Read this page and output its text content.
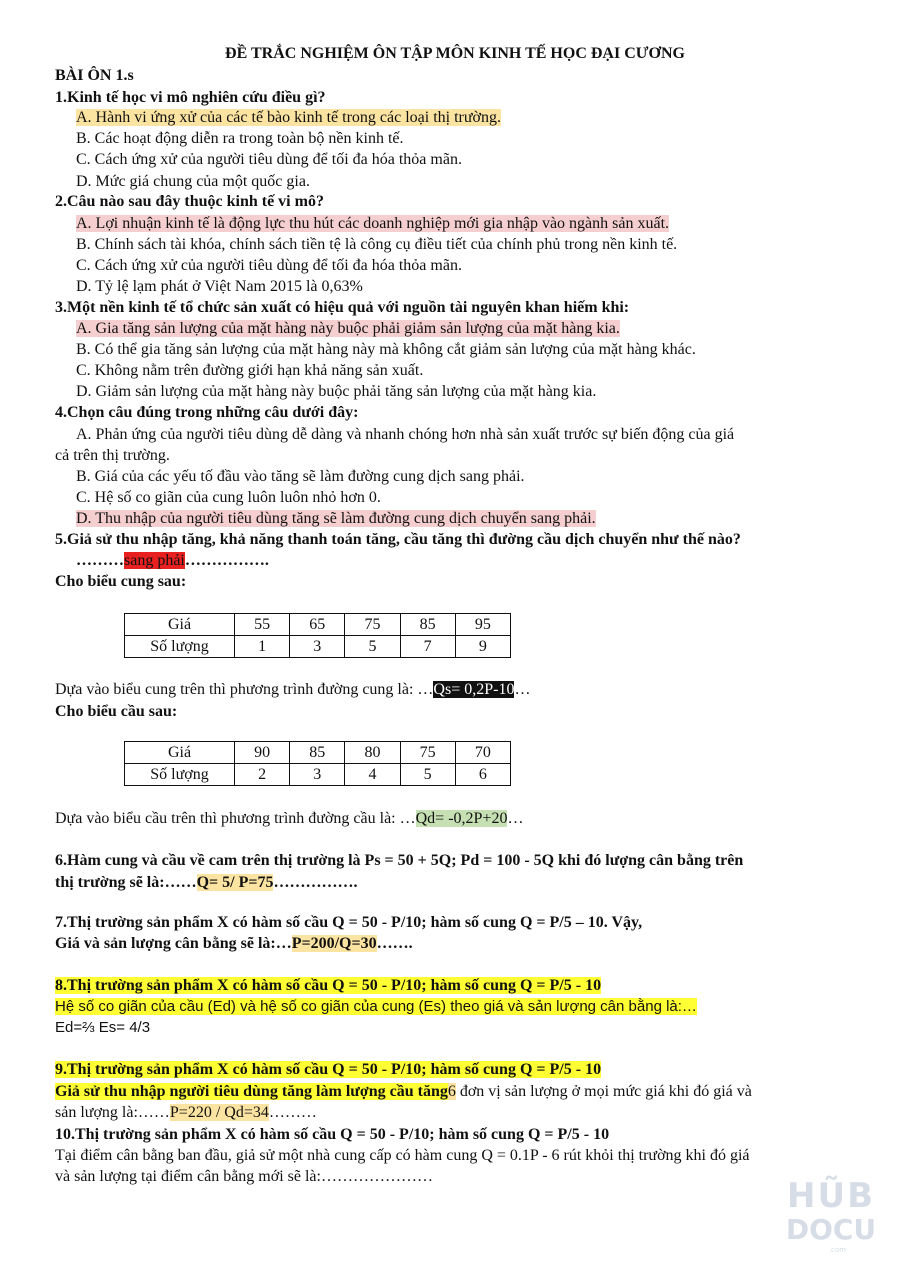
ĐỀ TRẮC NGHIỆM ÔN TẬP MÔN KINH TẾ HỌC ĐẠI CƯƠNG
BÀI ÔN 1.s
1.Kinh tế học vi mô nghiên cứu điều gì?
A. Hành vi ứng xử của các tế bào kinh tế trong các loại thị trường.
B. Các hoạt động diễn ra trong toàn bộ nền kinh tế.
C. Cách ứng xử của người tiêu dùng để tối đa hóa thỏa mãn.
D. Mức giá chung của một quốc gia.
2.Câu nào sau đây thuộc kinh tế vi mô?
A. Lợi nhuận kinh tế là động lực thu hút các doanh nghiệp mới gia nhập vào ngành sản xuất.
B. Chính sách tài khóa, chính sách tiền tệ là công cụ điều tiết của chính phủ trong nền kinh tế.
C. Cách ứng xử của người tiêu dùng để tối đa hóa thỏa mãn.
D. Tỷ lệ lạm phát ở Việt Nam 2015 là 0,63%
3.Một nền kinh tế tổ chức sản xuất có hiệu quả với nguồn tài nguyên khan hiếm khi:
A. Gia tăng sản lượng của mặt hàng này buộc phải giảm sản lượng của mặt hàng kia.
B. Có thể gia tăng sản lượng của mặt hàng này mà không cắt giảm sản lượng của mặt hàng khác.
C. Không nằm trên đường giới hạn khả năng sản xuất.
D. Giảm sản lượng của mặt hàng này buộc phải tăng sản lượng của mặt hàng kia.
4.Chọn câu đúng trong những câu dưới đây:
A. Phản ứng của người tiêu dùng dễ dàng và nhanh chóng hơn nhà sản xuất trước sự biến động của giá
cả trên thị trường.
B. Giá của các yếu tố đầu vào tăng sẽ làm đường cung dịch sang phải.
C. Hệ số co giãn của cung luôn luôn nhỏ hơn 0.
D. Thu nhập của người tiêu dùng tăng sẽ làm đường cung dịch chuyển sang phải.
5.Giả sử thu nhập tăng, khả năng thanh toán tăng, cầu tăng thì đường cầu dịch chuyển như thế nào?
………sang phải…………….
Cho biểu cung sau:
Giá	55	65	75	85	95
Số lượng	1	3	5	7	9
Dựa vào biểu cung trên thì phương trình đường cung là: …Qs= 0,2P-10…
Cho biểu cầu sau:
Giá	90	85	80	75	70
Số lượng	2	3	4	5	6
Dựa vào biểu cầu trên thì phương trình đường cầu là: …Qd= -0,2P+20…
6.Hàm cung và cầu về cam trên thị trường là Ps = 50 + 5Q; Pd = 100 - 5Q khi đó lượng cân bằng trên
thị trường sẽ là:……Q= 5/ P=75…………….
7.Thị trường sản phẩm X có hàm số cầu Q = 50 - P/10; hàm số cung Q = P/5 – 10. Vậy,
Giá và sản lượng cân bằng sẽ là:…P=200/Q=30…….
8.Thị trường sản phẩm X có hàm số cầu Q = 50 - P/10; hàm số cung Q = P/5 - 10
Hệ số co giãn của cầu (Ed) và hệ số co giãn của cung (Es) theo giá và sản lượng cân bằng là:…
Ed=⅔ Es= 4/3
9.Thị trường sản phẩm X có hàm số cầu Q = 50 - P/10; hàm số cung Q = P/5 - 10
Giả sử thu nhập người tiêu dùng tăng làm lượng cầu tăng6 đơn vị sản lượng ở mọi mức giá khi đó giá và
sản lượng là:……P=220 / Qd=34………
10.Thị trường sản phẩm X có hàm số cầu Q = 50 - P/10; hàm số cung Q = P/5 - 10
Tại điểm cân bằng ban đầu, giả sử một nhà cung cấp có hàm cung Q = 0.1P - 6 rút khỏi thị trường khi đó giá
và sản lượng tại điểm cân bằng mới sẽ là:…………………	HŨB
DOCU
.com
